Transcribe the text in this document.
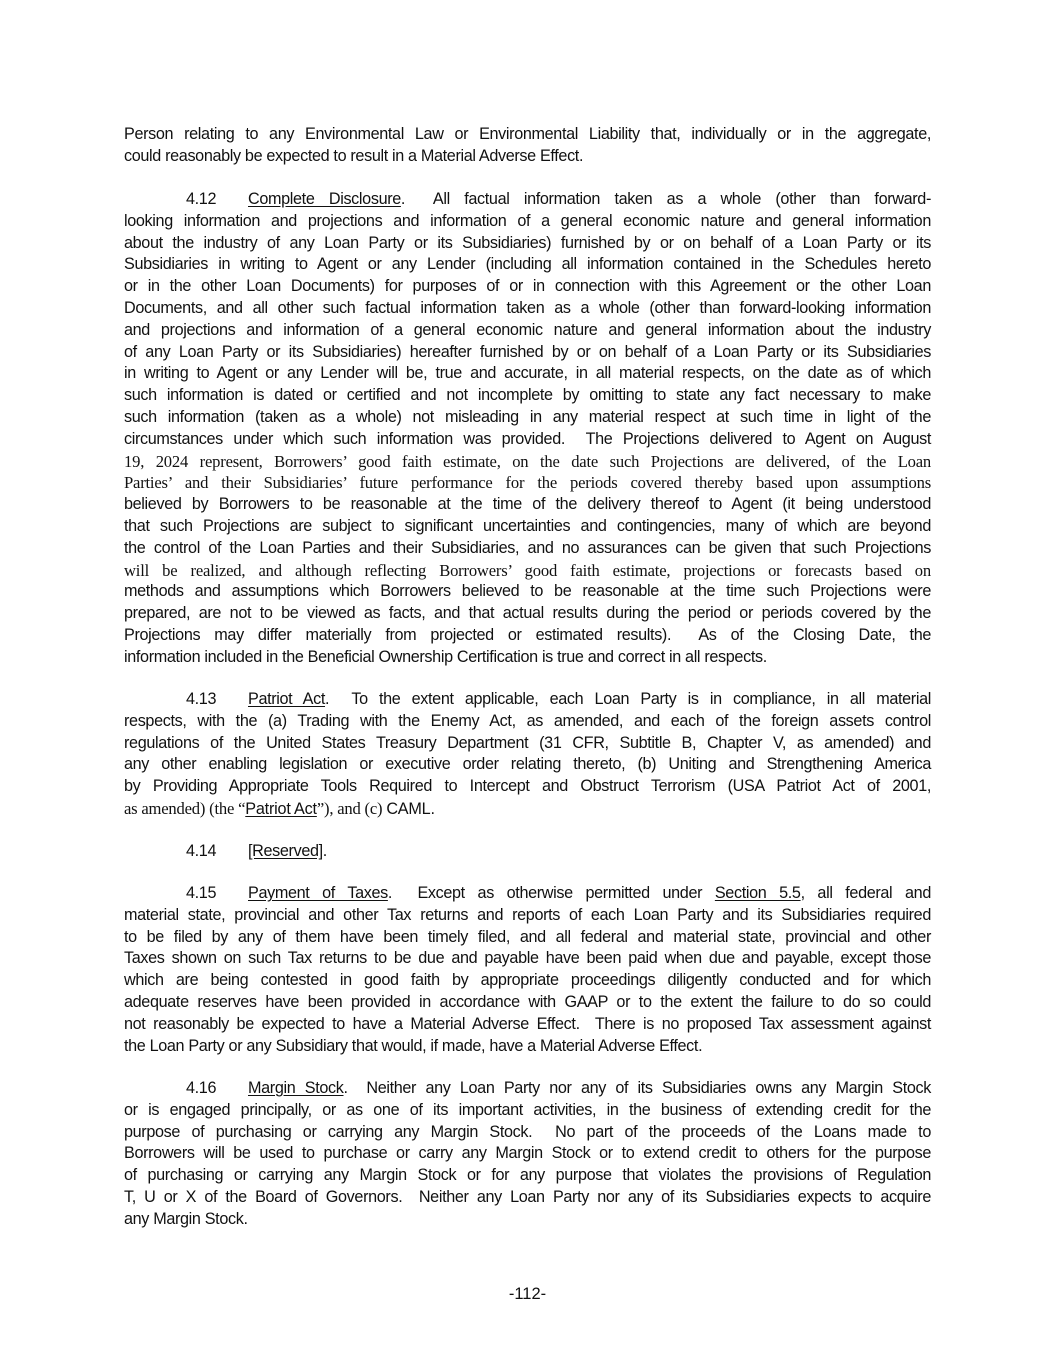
Person relating to any Environmental Law or Environmental Liability that, individually or in the aggregate,
could reasonably be expected to result in a Material Adverse Effect.
4.12 Complete Disclosure.  All factual information taken as a whole (other than forward-
looking information and projections and information of a general economic nature and general information
about the industry of any Loan Party or its Subsidiaries) furnished by or on behalf of a Loan Party or its
Subsidiaries in writing to Agent or any Lender (including all information contained in the Schedules hereto
or in the other Loan Documents) for purposes of or in connection with this Agreement or the other Loan
Documents, and all other such factual information taken as a whole (other than forward-looking information
and projections and information of a general economic nature and general information about the industry
of any Loan Party or its Subsidiaries) hereafter furnished by or on behalf of a Loan Party or its Subsidiaries
in writing to Agent or any Lender will be, true and accurate, in all material respects, on the date as of which
such information is dated or certified and not incomplete by omitting to state any fact necessary to make
such information (taken as a whole) not misleading in any material respect at such time in light of the
circumstances under which such information was provided.  The Projections delivered to Agent on August
19, 2024 represent, Borrowers’ good faith estimate, on the date such Projections are delivered, of the Loan
Parties’ and their Subsidiaries’ future performance for the periods covered thereby based upon assumptions
believed by Borrowers to be reasonable at the time of the delivery thereof to Agent (it being understood
that such Projections are subject to significant uncertainties and contingencies, many of which are beyond
the control of the Loan Parties and their Subsidiaries, and no assurances can be given that such Projections
will be realized, and although reflecting Borrowers’ good faith estimate, projections or forecasts based on
methods and assumptions which Borrowers believed to be reasonable at the time such Projections were
prepared, are not to be viewed as facts, and that actual results during the period or periods covered by the
Projections may differ materially from projected or estimated results).  As of the Closing Date, the
information included in the Beneficial Ownership Certification is true and correct in all respects.
4.13 Patriot Act.  To the extent applicable, each Loan Party is in compliance, in all material
respects, with the (a) Trading with the Enemy Act, as amended, and each of the foreign assets control
regulations of the United States Treasury Department (31 CFR, Subtitle B, Chapter V, as amended) and
any other enabling legislation or executive order relating thereto, (b) Uniting and Strengthening America
by Providing Appropriate Tools Required to Intercept and Obstruct Terrorism (USA Patriot Act of 2001,
as amended) (the “Patriot Act”), and (c) CAML.
4.14 [Reserved].
4.15 Payment of Taxes.  Except as otherwise permitted under Section 5.5, all federal and
material state, provincial and other Tax returns and reports of each Loan Party and its Subsidiaries required
to be filed by any of them have been timely filed, and all federal and material state, provincial and other
Taxes shown on such Tax returns to be due and payable have been paid when due and payable, except those
which are being contested in good faith by appropriate proceedings diligently conducted and for which
adequate reserves have been provided in accordance with GAAP or to the extent the failure to do so could
not reasonably be expected to have a Material Adverse Effect.  There is no proposed Tax assessment against
the Loan Party or any Subsidiary that would, if made, have a Material Adverse Effect.
4.16 Margin Stock.  Neither any Loan Party nor any of its Subsidiaries owns any Margin Stock
or is engaged principally, or as one of its important activities, in the business of extending credit for the
purpose of purchasing or carrying any Margin Stock.  No part of the proceeds of the Loans made to
Borrowers will be used to purchase or carry any Margin Stock or to extend credit to others for the purpose
of purchasing or carrying any Margin Stock or for any purpose that violates the provisions of Regulation
T, U or X of the Board of Governors.  Neither any Loan Party nor any of its Subsidiaries expects to acquire
any Margin Stock.
-112-
